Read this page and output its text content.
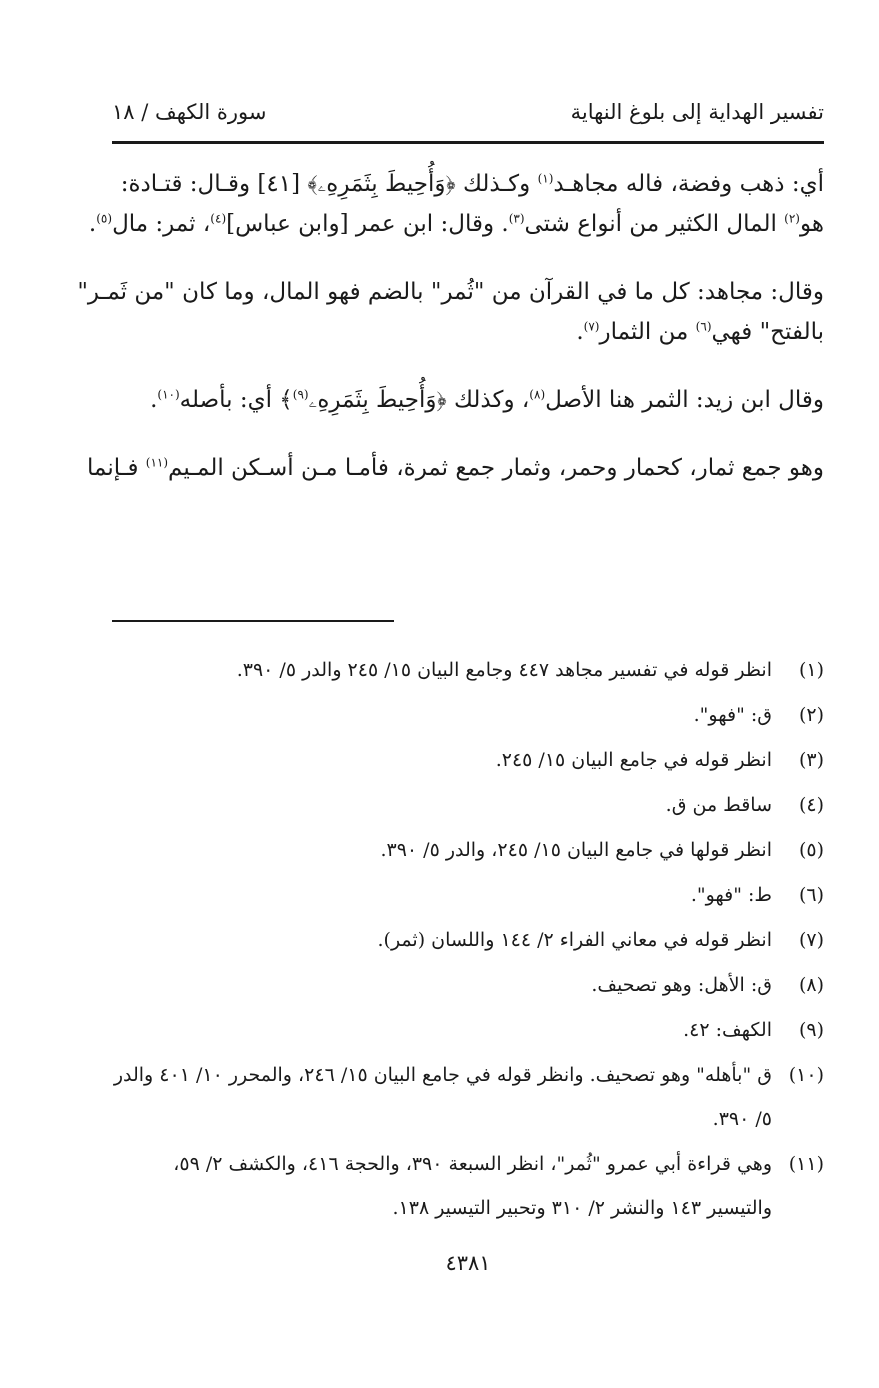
تفسير الهداية إلى بلوغ النهاية
سورة الكهف / ١٨
أي: ذهب وفضة، فاله مجاهـد$^{(١)}$ وكـذلك ﴿وَأُحِيطَ بِثَمَرِهِۦ﴾ [٤١] وقـال: قتـادة:
هو$^{(٢)}$ المال الكثير من أنواع شتى$^{(٣)}$. وقال: ابن عمر [وابن عباس]$^{(٤)}$، ثمر: مال$^{(٥)}$.
وقال: مجاهد: كل ما في القرآن من "ثُمر" بالضم فهو المال، وما كان "من ثَمـر"
بالفتح" فهي$^{(٦)}$ من الثمار$^{(٧)}$.
وقال ابن زيد: الثمر هنا الأصل$^{(٨)}$، وكذلك ﴿وَأُحِيطَ بِثَمَرِهِۦ$^{(٩)}$﴾ أي: بأصله$^{(١٠)}$.
وهو جمع ثمار، كحمار وحمر، وثمار جمع ثمرة، فأمـا مـن أسـكن المـيم$^{(١١)}$ فـإنما
(١)
انظر قوله في تفسير مجاهد ٤٤٧ وجامع البيان ١٥/ ٢٤٥ والدر ٥/ ٣٩٠.
(٢)
ق: "فهو".
(٣)
انظر قوله في جامع البيان ١٥/ ٢٤٥.
(٤)
ساقط من ق.
(٥)
انظر قولها في جامع البيان ١٥/ ٢٤٥، والدر ٥/ ٣٩٠.
(٦)
ط: "فهو".
(٧)
انظر قوله في معاني الفراء ٢/ ١٤٤ واللسان (ثمر).
(٨)
ق: الأهل: وهو تصحيف.
(٩)
الكهف: ٤٢.
(١٠)
ق "بأهله" وهو تصحيف. وانظر قوله في جامع البيان ١٥/ ٢٤٦، والمحرر ١٠/ ٤٠١ والدر ٥/ ٣٩٠.
(١١)
وهي قراءة أبي عمرو "ثُمر"، انظر السبعة ٣٩٠، والحجة ٤١٦، والكشف ٢/ ٥٩، والتيسير ١٤٣ والنشر ٢/ ٣١٠ وتحبير التيسير ١٣٨.
٤٣٨١
